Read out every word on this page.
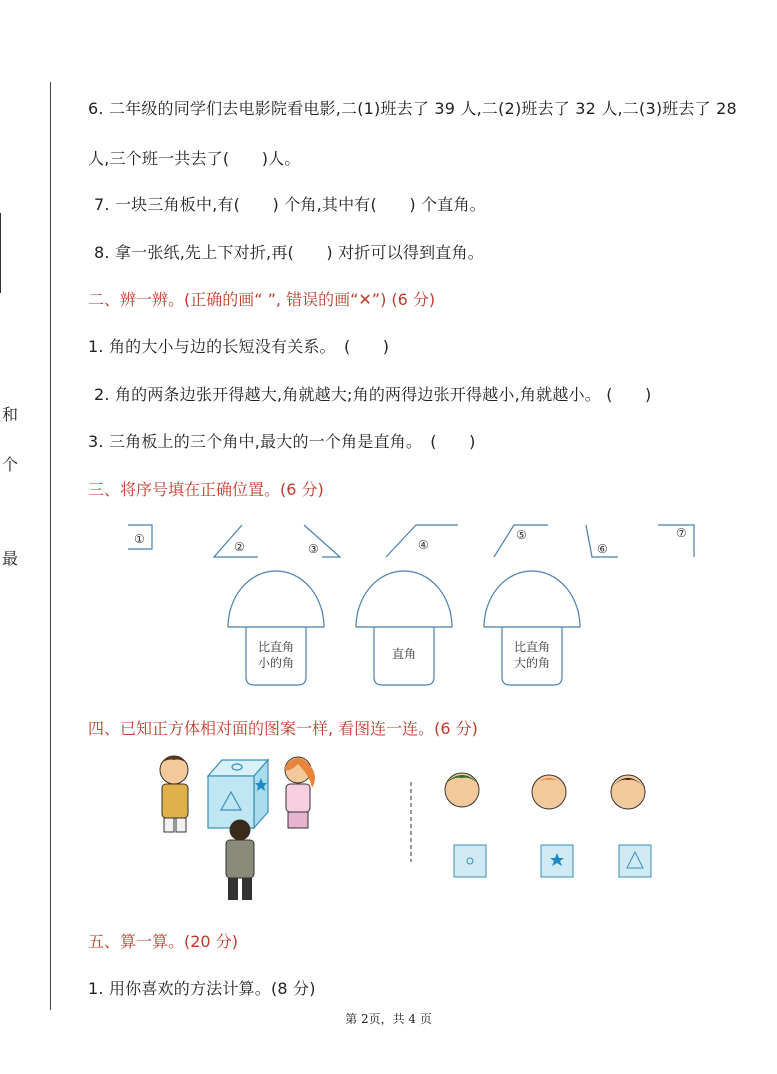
和
个
最
6. 二年级的同学们去电影院看电影,二(1)班去了 39 人,二(2)班去了 32 人,二(3)班去了 28
人,三个班一共去了(　　)人。
7. 一块三角板中,有(　　) 个角,其中有(　　) 个直角。
8. 拿一张纸,先上下对折,再(　　) 对折可以得到直角。
二、辨一辨。(正确的画“ ”, 错误的画“✕”) (6 分)
1. 角的大小与边的长短没有关系。　(　　)
2. 角的两条边张开得越大,角就越大;角的两得边张开得越小,角就越小。 (　　)
3. 三角板上的三个角中,最大的一个角是直角。　(　　)
三、将序号填在正确位置。(6 分)
①
②	③	④
⑤
⑥
⑦
比直角
小的角
直角	比直角
大的角
四、已知正方体相对面的图案一样, 看图连一连。(6 分)
五、算一算。(20 分)
1. 用你喜欢的方法计算。(8 分)
第 2页，共 4 页
